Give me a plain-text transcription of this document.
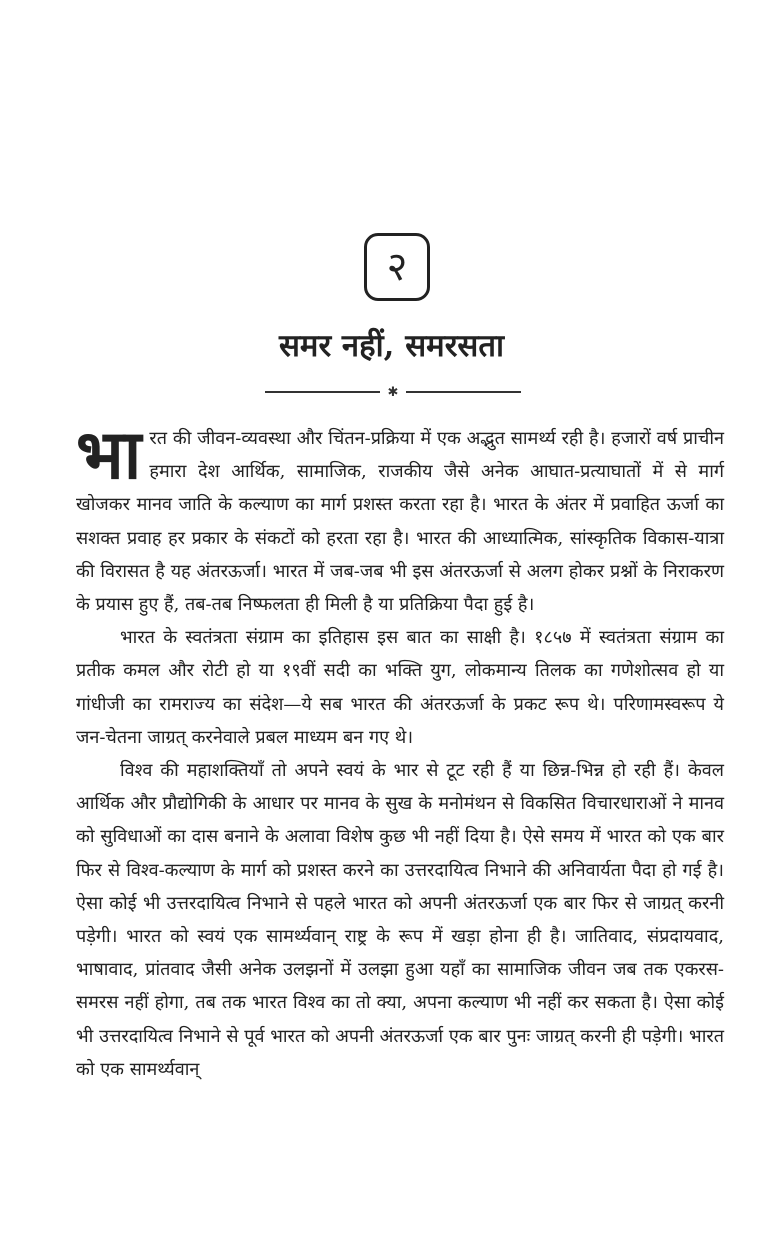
२
समर नहीं, समरसता
✱

भारत की जीवन-व्यवस्था और चिंतन-प्रक्रिया में एक अद्भुत सामर्थ्य रही है। हजारों वर्ष प्राचीन हमारा देश आर्थिक, सामाजिक, राजकीय जैसे अनेक आघात-प्रत्याघातों में से मार्ग खोजकर मानव जाति के कल्याण का मार्ग प्रशस्त करता रहा है। भारत के अंतर में प्रवाहित ऊर्जा का सशक्त प्रवाह हर प्रकार के संकटों को हरता रहा है। भारत की आध्यात्मिक, सांस्कृतिक विकास-यात्रा की विरासत है यह अंतरऊर्जा। भारत में जब-जब भी इस अंतरऊर्जा से अलग होकर प्रश्नों के निराकरण के प्रयास हुए हैं, तब-तब निष्फलता ही मिली है या प्रतिक्रिया पैदा हुई है।

भारत के स्वतंत्रता संग्राम का इतिहास इस बात का साक्षी है। १८५७ में स्वतंत्रता संग्राम का प्रतीक कमल और रोटी हो या १९वीं सदी का भक्ति युग, लोकमान्य तिलक का गणेशोत्सव हो या गांधीजी का रामराज्य का संदेश—ये सब भारत की अंतरऊर्जा के प्रकट रूप थे। परिणामस्वरूप ये जन-चेतना जाग्रत् करनेवाले प्रबल माध्यम बन गए थे।

विश्व की महाशक्तियाँ तो अपने स्वयं के भार से टूट रही हैं या छिन्न-भिन्न हो रही हैं। केवल आर्थिक और प्रौद्योगिकी के आधार पर मानव के सुख के मनोमंथन से विकसित विचारधाराओं ने मानव को सुविधाओं का दास बनाने के अलावा विशेष कुछ भी नहीं दिया है। ऐसे समय में भारत को एक बार फिर से विश्व-कल्याण के मार्ग को प्रशस्त करने का उत्तरदायित्व निभाने की अनिवार्यता पैदा हो गई है। ऐसा कोई भी उत्तरदायित्व निभाने से पहले भारत को अपनी अंतरऊर्जा एक बार फिर से जाग्रत् करनी पड़ेगी। भारत को स्वयं एक सामर्थ्यवान् राष्ट्र के रूप में खड़ा होना ही है। जातिवाद, संप्रदायवाद, भाषावाद, प्रांतवाद जैसी अनेक उलझनों में उलझा हुआ यहाँ का सामाजिक जीवन जब तक एकरस-समरस नहीं होगा, तब तक भारत विश्व का तो क्या, अपना कल्याण भी नहीं कर सकता है। ऐसा कोई भी उत्तरदायित्व निभाने से पूर्व भारत को अपनी अंतरऊर्जा एक बार पुनः जाग्रत् करनी ही पड़ेगी। भारत को एक सामर्थ्यवान्
